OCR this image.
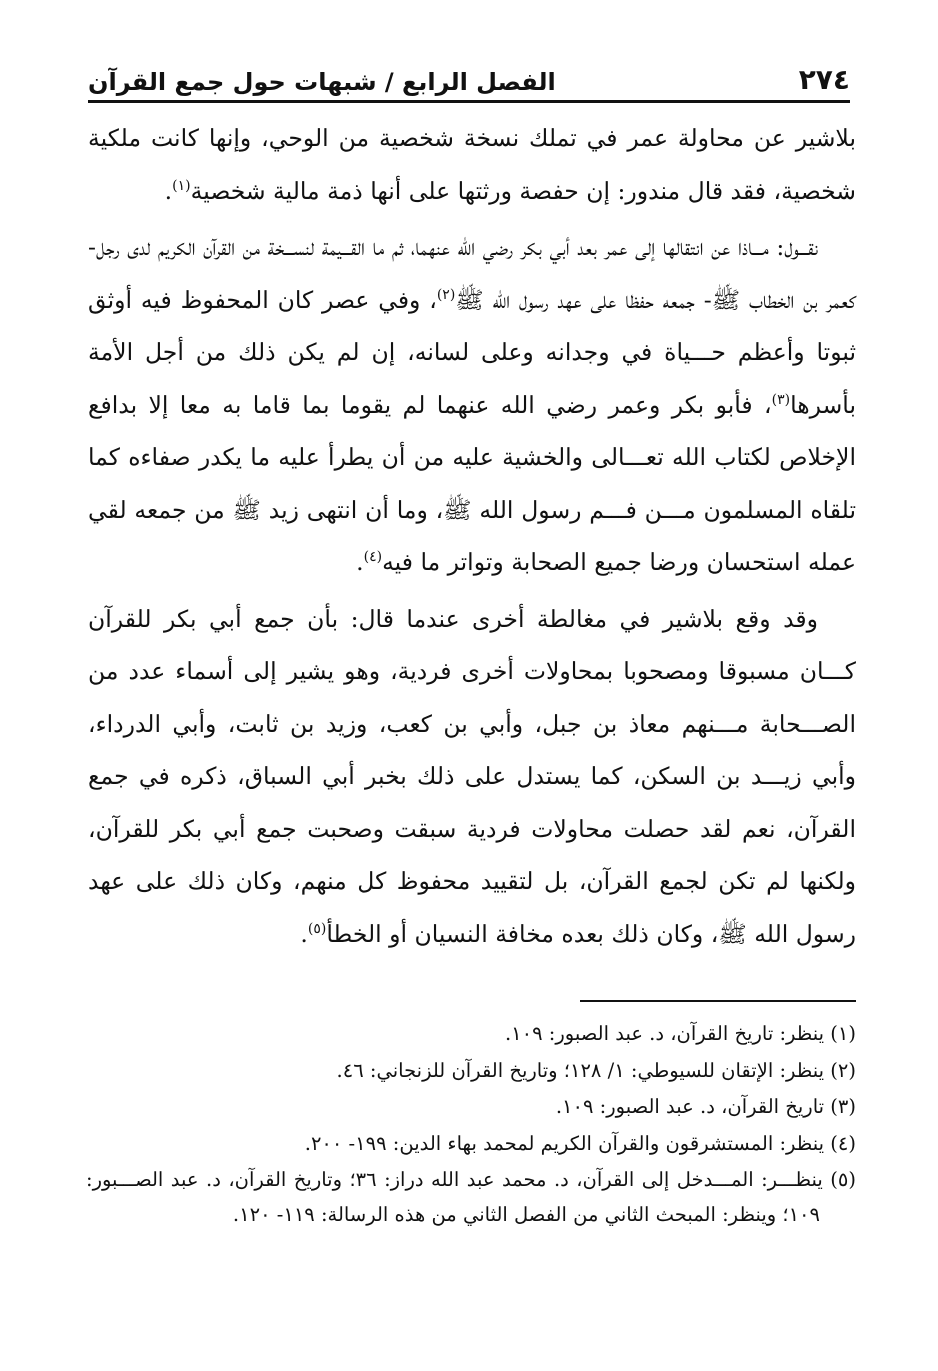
٢٧٤
الفصل الرابع / شبهات حول جمع القرآن

بلاشير عن محاولة عمر في تملك نسخة شخصية من الوحي، وإنها كانت ملكية شخصية، فقد قال مندور: إن حفصة ورثتها على أنها ذمة مالية شخصية$^{(١)}$.

نقـــول: مـــاذا عن انتقالها إلى عمر بعد أبي بكر رضي الله عنهما، ثم ما القـــيمة لنســـخة من القرآن الكريم لدى رجل- كعمر بن الخطاب ﷺ- جمعه حفظا على عهد رسول الله ﷺ$^{(٢)}$، وفي عصر كان المحفوظ فيه أوثق ثبوتا وأعظم حـــياة في وجدانه وعلى لسانه، إن لم يكن ذلك من أجل الأمة بأسرها$^{(٣)}$، فأبو بكر وعمر رضي الله عنهما لم يقوما بما قاما به معا إلا بدافع الإخلاص لكتاب الله تعـــالى والخشية عليه من أن يطرأ عليه ما يكدر صفاءه كما تلقاه المسلمون مـــن فـــم رسول الله ﷺ، وما أن انتهى زيد ﷺ من جمعه لقي عمله استحسان ورضا جميع الصحابة وتواتر ما فيه$^{(٤)}$.

وقد وقع بلاشير في مغالطة أخرى عندما قال: بأن جمع أبي بكر للقرآن كـــان مسبوقا ومصحوبا بمحاولات أخرى فردية، وهو يشير إلى أسماء عدد من الصـــحابة مـــنهم معاذ بن جبل، وأبي بن كعب، وزيد بن ثابت، وأبي الدرداء، وأبي زيـــد بن السكن، كما يستدل على ذلك بخبر أبي السباق، ذكره في جمع القرآن، نعم لقد حصلت محاولات فردية سبقت وصحبت جمع أبي بكر للقرآن، ولكنها لم تكن لجمع القرآن، بل لتقييد محفوظ كل منهم، وكان ذلك على عهد رسول الله ﷺ، وكان ذلك بعده مخافة النسيان أو الخطأ$^{(٥)}$.

(١) ينظر: تاريخ القرآن، د. عبد الصبور: ١٠٩.

(٢) ينظر: الإتقان للسيوطي: ١/ ١٢٨؛ وتاريخ القرآن للزنجاني: ٤٦.

(٣) تاريخ القرآن، د. عبد الصبور: ١٠٩.

(٤) ينظر: المستشرقون والقرآن الكريم لمحمد بهاء الدين: ١٩٩- ٢٠٠.

(٥) ينظـــر: المـــدخل إلى القرآن، د. محمد عبد الله دراز: ٣٦؛ وتاريخ القرآن، د. عبد الصـــبور: ١٠٩؛ وينظر: المبحث الثاني من الفصل الثاني من هذه الرسالة: ١١٩- ١٢٠.
